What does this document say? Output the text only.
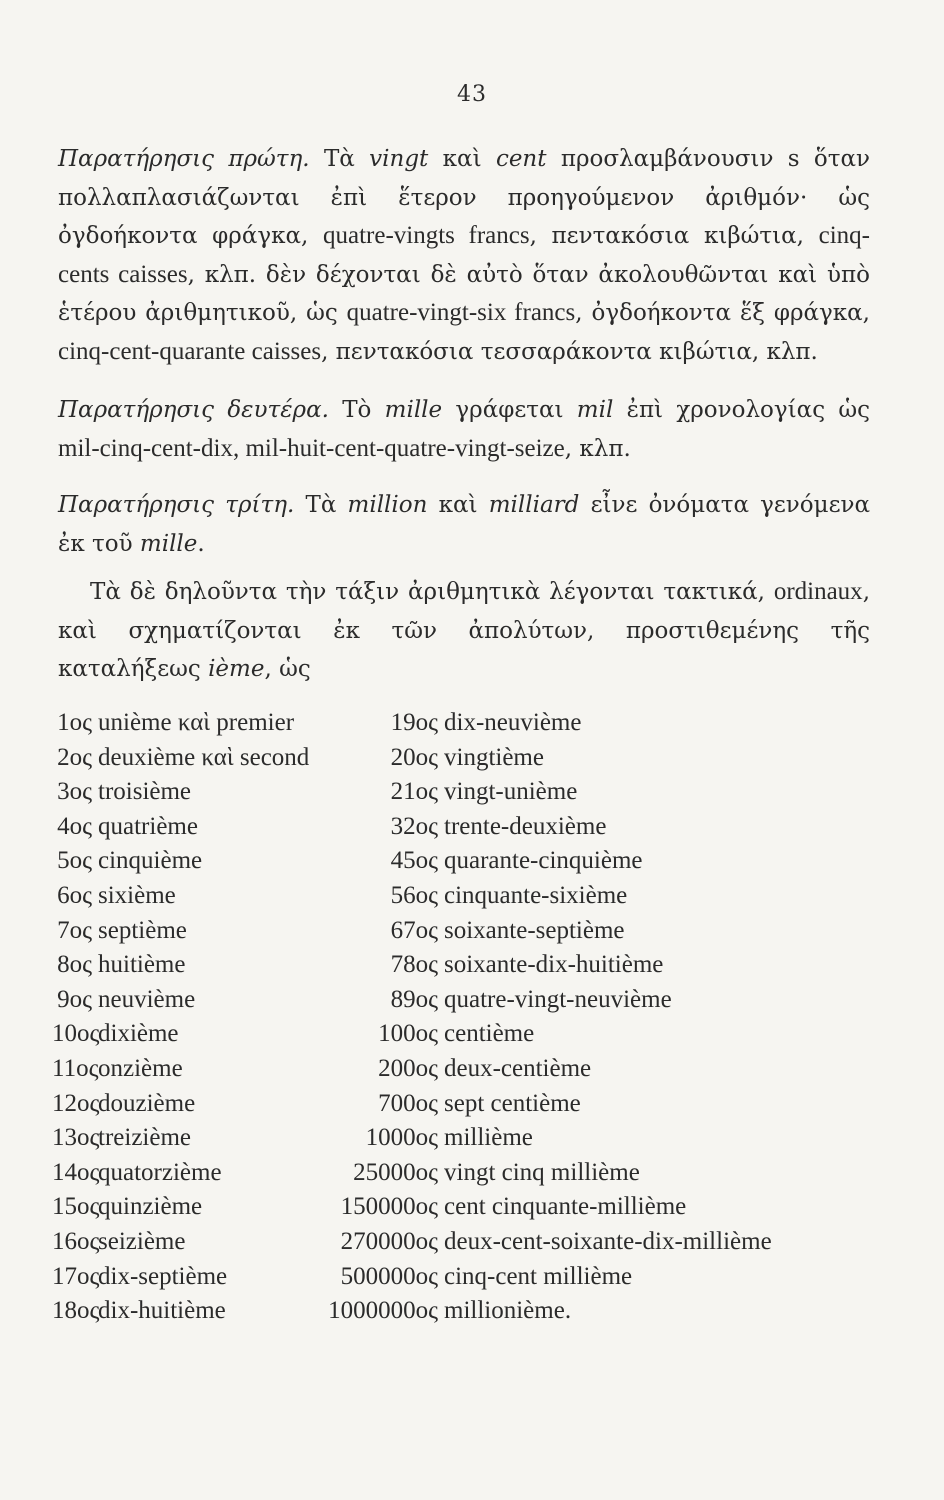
43

Παρατήρησις πρώτη. Τὰ vingt καὶ cent προσλαμβάνουσιν s ὅταν πολλαπλασιάζωνται ἐπὶ ἕτερον προηγούμενον ἀριθμόν· ὡς ὀγδοήκοντα φράγκα, quatre-vingts francs, πεντακόσια κιβώτια, cinq-cents caisses, κλπ. δὲν δέχονται δὲ αὐτὸ ὅταν ἀκολουθῶνται καὶ ὑπὸ ἑτέρου ἀριθμητικοῦ, ὡς quatre-vingt-six francs, ὀγδοήκοντα ἕξ φράγκα, cinq-cent-quarante caisses, πεντακόσια τεσσαράκοντα κιβώτια, κλπ.

Παρατήρησις δευτέρα. Τὸ mille γράφεται mil ἐπὶ χρονολογίας ὡς mil-cinq-cent-dix, mil-huit-cent-quatre-vingt-seize, κλπ.

Παρατήρησις τρίτη. Τὰ million καὶ milliard εἶνε ὀνόματα γενόμενα ἐκ τοῦ mille.

Τὰ δὲ δηλοῦντα τὴν τάξιν ἀριθμητικὰ λέγονται τακτικά, ordinaux, καὶ σχηματίζονται ἐκ τῶν ἀπολύτων, προστιθεμένης τῆς καταλήξεως ième, ὡς

1ος unième καὶ premier	19ος dix-neuvième
2ος deuxième καὶ second	20ος vingtième
3ος troisième	21ος vingt-unième
4ος quatrième	32ος trente-deuxième
5ος cinquième	45ος quarante-cinquième
6ος sixième	56ος cinquante-sixième
7ος septième	67ος soixante-septième
8ος huitième	78ος soixante-dix-huitième
9ος neuvième	89ος quatre-vingt-neuvième
10οςdixième	100ος centième
11οςonzième	200ος deux-centième
12οςdouzième	700ος sept centième
13οςtreizième	1000ος millième
14οςquatorzième	25000ος vingt cinq millième
15οςquinzième	150000ος cent cinquante-millième
16οςseizième	270000ος deux-cent-soixante-dix-millième
17οςdix-septième	500000ος cinq-cent millième
18οςdix-huitième	1000000ος millionième.
